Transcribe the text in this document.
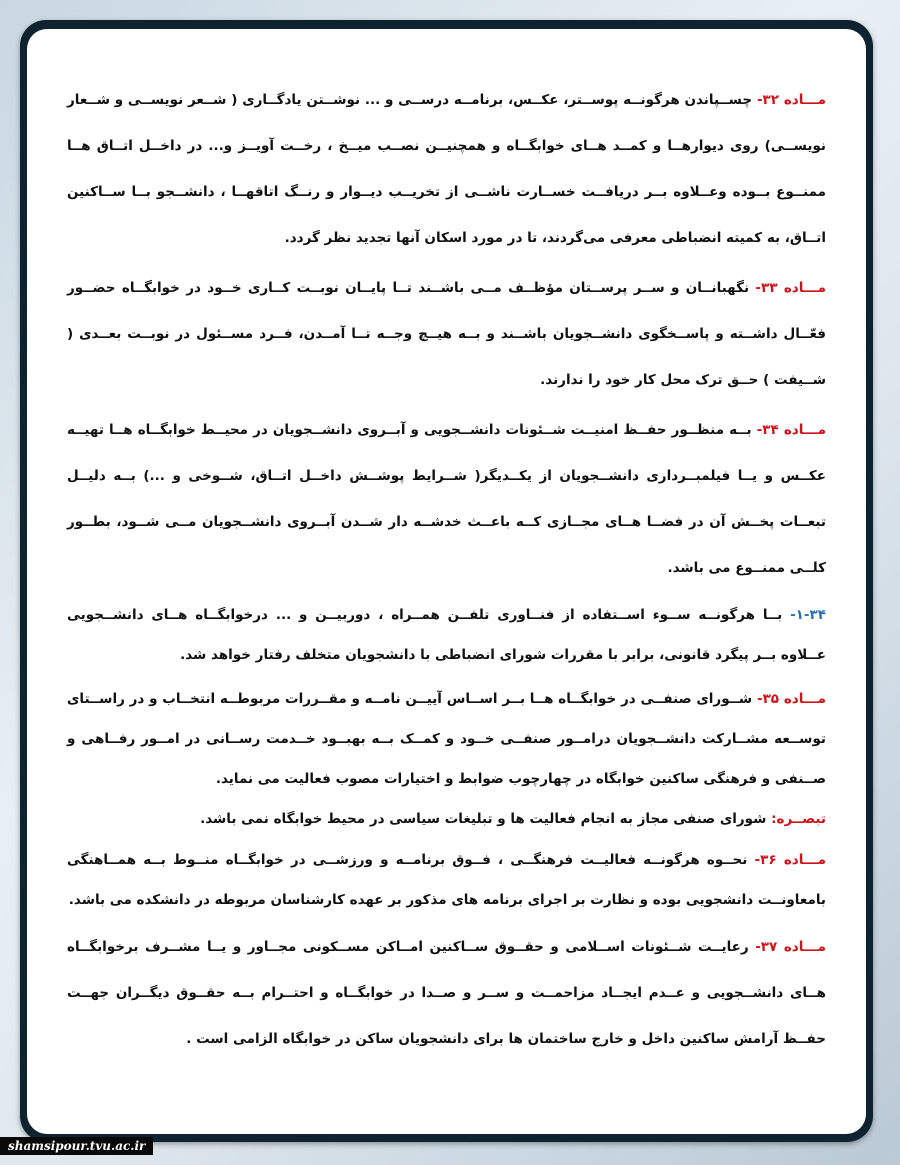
مـــاده ۳۲- چســپاندن هرگونــه پوســتر، عکــس، برنامــه درســی و ... نوشــتن یادگــاری ( شــعر نویســی و شــعار نویســی) روی دیوارهــا و کمــد هــای خوابگــاه و همچنیــن نصــب میــخ ، رخــت آویــز و... در داخــل اتــاق هــا ممنــوع بــوده وعــلاوه بــر دریافــت خســارت ناشــی از تخریــب دیــوار و رنــگ اتاقهــا ، دانشــجو بــا ســاکنین اتــاق، به کمیته انضباطی معرفی می‌گردند، تا در مورد اسکان آنها تجدید نظر گردد.

مـــاده ۳۳- نگهبانــان و ســر پرســتان مؤظــف مــی باشــند تــا پایــان نوبــت کــاری خــود در خوابگــاه حضــور فعّــال داشــته و پاســخگوی دانشــجویان باشــند و بــه هیــچ وجــه تــا آمــدن، فــرد مســئول در نوبــت بعــدی ( شــیفت ) حــق ترک محل کار خود را ندارند.

مـــاده ۳۴- بــه منظــور حفــظ امنیــت شــئونات دانشــجویی و آبــروی دانشــجویان در محیــط خوابگــاه هــا تهیــه عکــس و یــا فیلمبــرداری دانشــجویان از یکــدیگر( شــرایط پوشــش داخــل اتــاق، شــوخی و ...) بــه دلیــل تبعــات پخــش آن در فضــا هــای مجــازی کــه باعــث خدشــه دار شــدن آبــروی دانشــجویان مــی شــود، بطــور کلــی ممنــوع می باشد.

۱-۳۴- بــا هرگونــه ســوء اســتفاده از فنــاوری تلفــن همــراه ، دوربیــن و ... درخوابگــاه هــای دانشــجویی عــلاوه بــر پیگرد قانونی، برابر با مقررات شورای انضباطی با دانشجویان متخلف رفتار خواهد شد.

مـــاده ۳۵- شــورای صنفــی در خوابگــاه هــا بــر اســاس آییــن نامــه و مقــررات مربوطــه انتخــاب و در راســتای توســعه مشــارکت دانشــجویان درامــور صنفــی خــود و کمــک بــه بهبــود خــدمت رســانی در امــور رفــاهی و صــنفی و فرهنگی ساکنین خوابگاه در چهارچوب ضوابط و اختیارات مصوب فعالیت می نماید.

تبصــره: شورای صنفی مجاز به انجام فعالیت ها و تبلیغات سیاسی در محیط خوابگاه نمی باشد.

مـــاده ۳۶- نحــوه هرگونــه فعالیــت فرهنگــی ، فــوق برنامــه و ورزشــی در خوابگــاه منــوط بــه همــاهنگی بامعاونــت دانشجویی بوده و نظارت بر اجرای برنامه های مذکور بر عهده کارشناسان مربوطه در دانشکده می باشد.

مـــاده ۳۷- رعایــت شــئونات اســلامی و حقــوق ســاکنین امــاکن مســکونی مجــاور و یــا مشــرف برخوابگــاه هــای دانشــجویی و عــدم ایجــاد مزاحمــت و ســر و صــدا در خوابگــاه و احتــرام بــه حقــوق دیگــران جهــت حفــظ آرامش ساکنین داخل و خارج ساختمان ها برای دانشجویان ساکن در خوابگاه الزامی است .

shamsipour.tvu.ac.ir
